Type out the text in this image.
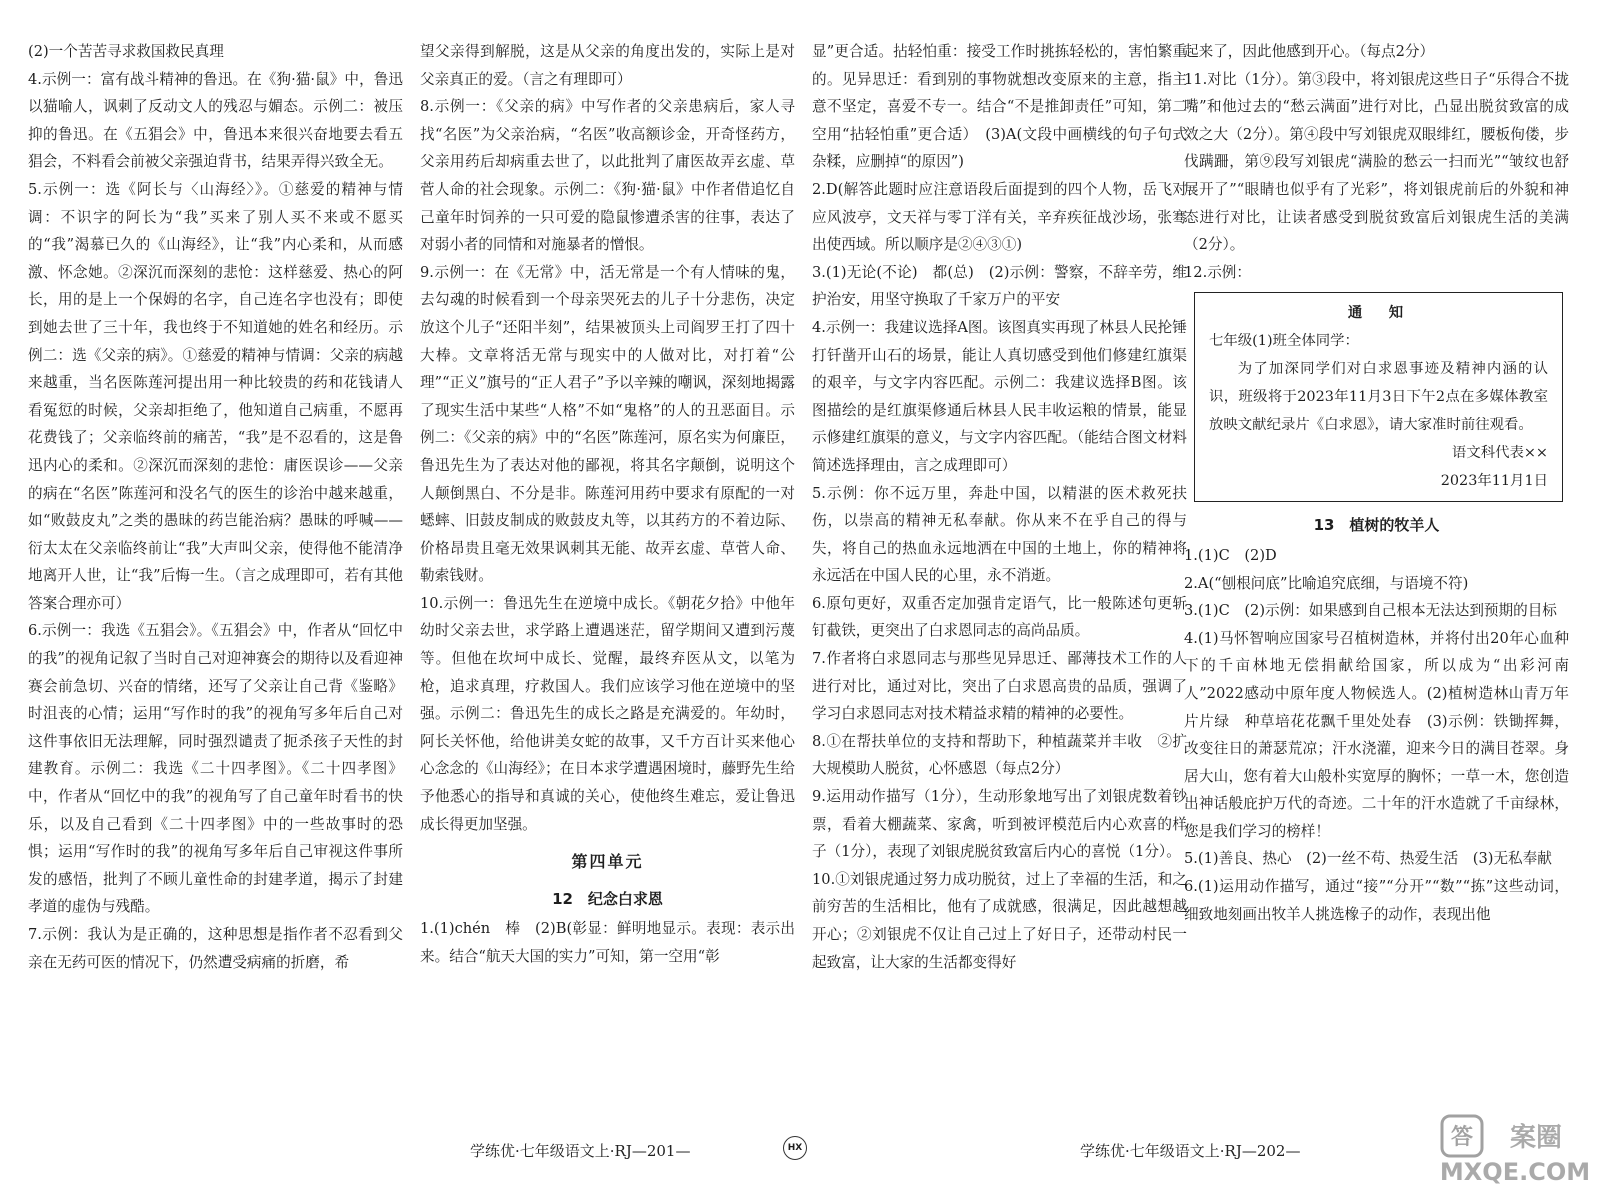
(2)一个苦苦寻求救国救民真理

4.示例一：富有战斗精神的鲁迅。在《狗·猫·鼠》中，鲁迅以猫喻人，讽刺了反动文人的残忍与媚态。示例二：被压抑的鲁迅。在《五猖会》中，鲁迅本来很兴奋地要去看五猖会，不料看会前被父亲强迫背书，结果弄得兴致全无。

5.示例一：选《阿长与〈山海经〉》。①慈爱的精神与情调：不识字的阿长为“我”买来了别人买不来或不愿买的“我”渴慕已久的《山海经》，让“我”内心柔和，从而感激、怀念她。②深沉而深刻的悲怆：这样慈爱、热心的阿长，用的是上一个保姆的名字，自己连名字也没有；即使到她去世了三十年，我也终于不知道她的姓名和经历。示例二：选《父亲的病》。①慈爱的精神与情调：父亲的病越来越重，当名医陈莲河提出用一种比较贵的药和花钱请人看冤愆的时候，父亲却拒绝了，他知道自己病重，不愿再花费钱了；父亲临终前的痛苦，“我”是不忍看的，这是鲁迅内心的柔和。②深沉而深刻的悲怆：庸医误诊——父亲的病在“名医”陈莲河和没名气的医生的诊治中越来越重，如“败鼓皮丸”之类的愚昧的药岂能治病？愚昧的呼喊——衍太太在父亲临终前让“我”大声叫父亲，使得他不能清净地离开人世，让“我”后悔一生。（言之成理即可，若有其他答案合理亦可）

6.示例一：我选《五猖会》。《五猖会》中，作者从“回忆中的我”的视角记叙了当时自己对迎神赛会的期待以及看迎神赛会前急切、兴奋的情绪，还写了父亲让自己背《鉴略》时沮丧的心情；运用“写作时的我”的视角写多年后自己对这件事依旧无法理解，同时强烈谴责了扼杀孩子天性的封建教育。示例二：我选《二十四孝图》。《二十四孝图》中，作者从“回忆中的我”的视角写了自己童年时看书的快乐，以及自己看到《二十四孝图》中的一些故事时的恐惧；运用“写作时的我”的视角写多年后自己审视这件事所发的感悟，批判了不顾儿童性命的封建孝道，揭示了封建孝道的虚伪与残酷。

7.示例：我认为是正确的，这种思想是指作者不忍看到父亲在无药可医的情况下，仍然遭受病痛的折磨，希

望父亲得到解脱，这是从父亲的角度出发的，实际上是对父亲真正的爱。（言之有理即可）

8.示例一：《父亲的病》中写作者的父亲患病后，家人寻找“名医”为父亲治病，“名医”收高额诊金，开奇怪药方，父亲用药后却病重去世了，以此批判了庸医故弄玄虚、草菅人命的社会现象。示例二：《狗·猫·鼠》中作者借追忆自己童年时饲养的一只可爱的隐鼠惨遭杀害的往事，表达了对弱小者的同情和对施暴者的憎恨。

9.示例一：在《无常》中，活无常是一个有人情味的鬼，去勾魂的时候看到一个母亲哭死去的儿子十分悲伤，决定放这个儿子“还阳半刻”，结果被顶头上司阎罗王打了四十大棒。文章将活无常与现实中的人做对比，对打着“公理”“正义”旗号的“正人君子”予以辛辣的嘲讽，深刻地揭露了现实生活中某些“人格”不如“鬼格”的人的丑恶面目。示例二：《父亲的病》中的“名医”陈莲河，原名实为何廉臣，鲁迅先生为了表达对他的鄙视，将其名字颠倒，说明这个人颠倒黑白、不分是非。陈莲河用药中要求有原配的一对蟋蟀、旧鼓皮制成的败鼓皮丸等，以其药方的不着边际、价格昂贵且毫无效果讽刺其无能、故弄玄虚、草菅人命、勒索钱财。

10.示例一：鲁迅先生在逆境中成长。《朝花夕拾》中他年幼时父亲去世，求学路上遭遇迷茫，留学期间又遭到污蔑等。但他在坎坷中成长、觉醒，最终弃医从文，以笔为枪，追求真理，疗救国人。我们应该学习他在逆境中的坚强。示例二：鲁迅先生的成长之路是充满爱的。年幼时，阿长关怀他，给他讲美女蛇的故事，又千方百计买来他心心念念的《山海经》；在日本求学遭遇困境时，藤野先生给予他悉心的指导和真诚的关心，使他终生难忘，爱让鲁迅成长得更加坚强。

第四单元

12　纪念白求恩

1.(1)chén　棒　(2)B(彰显：鲜明地显示。表现：表示出来。结合“航天大国的实力”可知，第一空用“彰

显”更合适。拈轻怕重：接受工作时挑拣轻松的，害怕繁重的。见异思迁：看到别的事物就想改变原来的主意，指主意不坚定，喜爱不专一。结合“不是推卸责任”可知，第二空用“拈轻怕重”更合适）　(3)A(文段中画横线的句子句式杂糅，应删掉“的原因”)

2.D(解答此题时应注意语段后面提到的四个人物，岳飞对应风波亭，文天祥与零丁洋有关，辛弃疾征战沙场，张骞出使西域。所以顺序是②④③①)

3.(1)无论(不论)　都(总)　(2)示例：警察，不辞辛劳，维护治安，用坚守换取了千家万户的平安

4.示例一：我建议选择A图。该图真实再现了林县人民抡锤打钎凿开山石的场景，能让人真切感受到他们修建红旗渠的艰辛，与文字内容匹配。示例二：我建议选择B图。该图描绘的是红旗渠修通后林县人民丰收运粮的情景，能显示修建红旗渠的意义，与文字内容匹配。（能结合图文材料简述选择理由，言之成理即可）

5.示例：你不远万里，奔赴中国，以精湛的医术救死扶伤，以崇高的精神无私奉献。你从来不在乎自己的得与失，将自己的热血永远地洒在中国的土地上，你的精神将永远活在中国人民的心里，永不消逝。

6.原句更好，双重否定加强肯定语气，比一般陈述句更斩钉截铁，更突出了白求恩同志的高尚品质。

7.作者将白求恩同志与那些见异思迁、鄙薄技术工作的人进行对比，通过对比，突出了白求恩高贵的品质，强调了学习白求恩同志对技术精益求精的精神的必要性。

8.①在帮扶单位的支持和帮助下，种植蔬菜并丰收　②扩大规模助人脱贫，心怀感恩（每点2分）

9.运用动作描写（1分），生动形象地写出了刘银虎数着钞票，看着大棚蔬菜、家禽，听到被评模范后内心欢喜的样子（1分），表现了刘银虎脱贫致富后内心的喜悦（1分）。

10.①刘银虎通过努力成功脱贫，过上了幸福的生活，和之前穷苦的生活相比，他有了成就感，很满足，因此越想越开心；②刘银虎不仅让自己过上了好日子，还带动村民一起致富，让大家的生活都变得好

起来了，因此他感到开心。（每点2分）

11.对比（1分）。第③段中，将刘银虎这些日子“乐得合不拢嘴”和他过去的“愁云满面”进行对比，凸显出脱贫致富的成效之大（2分）。第④段中写刘银虎双眼绯红，腰板佝偻，步伐蹒跚，第⑨段写刘银虎“满脸的愁云一扫而光”“皱纹也舒展开了”“眼睛也似乎有了光彩”，将刘银虎前后的外貌和神态进行对比，让读者感受到脱贫致富后刘银虎生活的美满（2分）。

12.示例：

通　知
七年级(1)班全体同学：
为了加深同学们对白求恩事迹及精神内涵的认识，班级将于2023年11月3日下午2点在多媒体教室放映文献纪录片《白求恩》，请大家准时前往观看。
语文科代表××
2023年11月1日

13　植树的牧羊人

1.(1)C　(2)D

2.A(“刨根问底”比喻追究底细，与语境不符)

3.(1)C　(2)示例：如果感到自己根本无法达到预期的目标

4.(1)马怀智响应国家号召植树造林，并将付出20年心血种下的千亩林地无偿捐献给国家，所以成为“出彩河南人”2022感动中原年度人物候选人。(2)植树造林山青万年片片绿　种草培花花飘千里处处春　(3)示例：铁锄挥舞，改变往日的萧瑟荒凉；汗水浇灌，迎来今日的满目苍翠。身居大山，您有着大山般朴实宽厚的胸怀；一草一木，您创造出神话般庇护万代的奇迹。二十年的汗水造就了千亩绿林，您是我们学习的榜样！

5.(1)善良、热心　(2)一丝不苟、热爱生活　(3)无私奉献

6.(1)运用动作描写，通过“接”“分开”“数”“拣”这些动词，细致地刻画出牧羊人挑选橡子的动作，表现出他

学练优·七年级语文上·RJ—201—	HX	学练优·七年级语文上·RJ—202—
答 案圈
MXQE.COM
